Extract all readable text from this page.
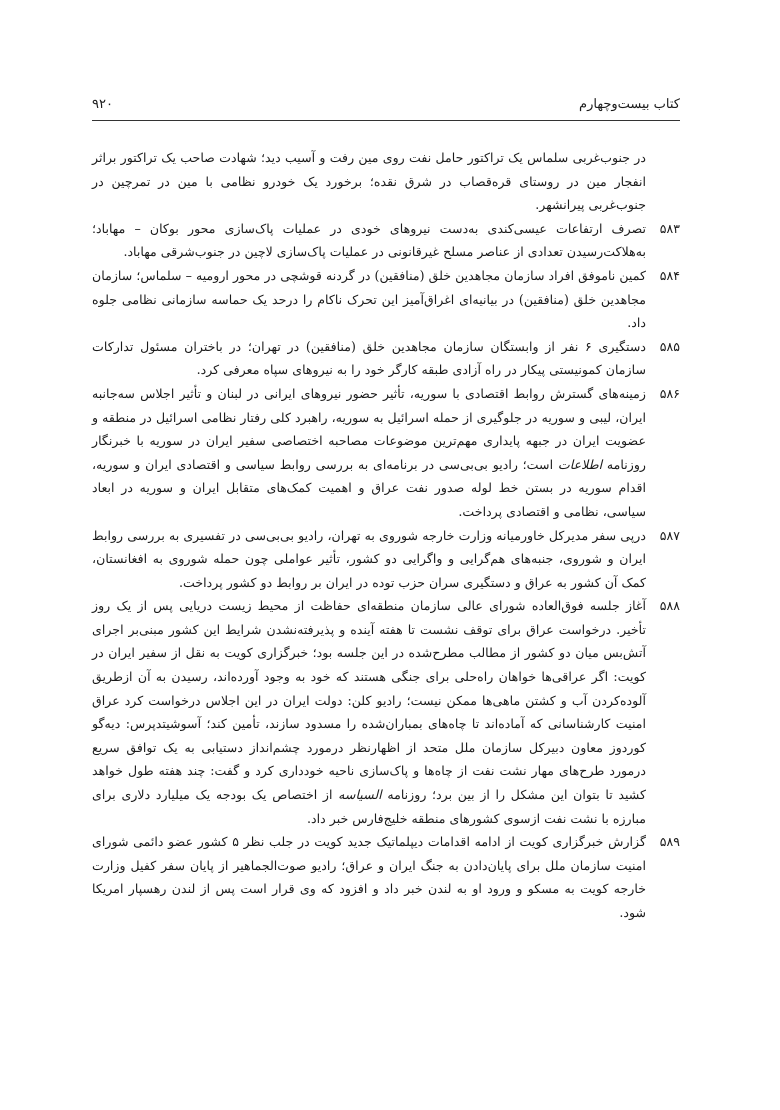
کتاب بیست‌وچهارم
۹۲۰
در جنوب‌غربی سلماس یک تراکتور حامل نفت روی مین رفت و آسیب دید؛ شهادت صاحب یک تراکتور براثر انفجار مین در روستای قره‌قصاب در شرق نقده؛ برخورد یک خودرو نظامی با مین در تمرچین در جنوب‌غربی پیرانشهر.
۵۸۳
تصرف ارتفاعات عیسی‌کندی به‌دست نیروهای خودی در عملیات پاک‌سازی محور بوکان – مهاباد؛ به‌هلاکت‌رسیدن تعدادی از عناصر مسلح غیرقانونی در عملیات پاک‌سازی لاچین در جنوب‌شرقی مهاباد.
۵۸۴
کمین ناموفق افراد سازمان مجاهدین خلق (منافقین) در گردنه قوشچی در محور ارومیه – سلماس؛ سازمان مجاهدین خلق (منافقین) در بیانیه‌ای اغراق‌آمیز این تحرک ناکام را درحد یک حماسه سازمانی نظامی جلوه داد.
۵۸۵
دستگیری ۶ نفر از وابستگان سازمان مجاهدین خلق (منافقین) در تهران؛ در باختران مسئول تدارکات سازمان کمونیستی پیکار در راه آزادی طبقه کارگر خود را به نیروهای سپاه معرفی کرد.
۵۸۶
زمینه‌های گسترش روابط اقتصادی با سوریه، تأثیر حضور نیروهای ایرانی در لبنان و تأثیر اجلاس سه‌جانبه ایران، لیبی و سوریه در جلوگیری از حمله اسرائیل به سوریه، راهبرد کلی رفتار نظامی اسرائیل در منطقه و عضویت ایران در جبهه پایداری مهم‌ترین موضوعات مصاحبه اختصاصی سفیر ایران در سوریه با خبرنگار روزنامه اطلاعات است؛ رادیو بی‌بی‌سی در برنامه‌ای به بررسی روابط سیاسی و اقتصادی ایران و سوریه، اقدام سوریه در بستن خط لوله صدور نفت عراق و اهمیت کمک‌های متقابل ایران و سوریه در ابعاد سیاسی، نظامی و اقتصادی پرداخت.
۵۸۷
درپی سفر مدیرکل خاورمیانه وزارت خارجه شوروی به تهران، رادیو بی‌بی‌سی در تفسیری به بررسی روابط ایران و شوروی، جنبه‌های هم‌گرایی و واگرایی دو کشور، تأثیر عواملی چون حمله شوروی به افغانستان، کمک آن کشور به عراق و دستگیری سران حزب توده در ایران بر روابط دو کشور پرداخت.
۵۸۸
آغاز جلسه فوق‌العاده شورای عالی سازمان منطقه‌ای حفاظت از محیط زیست دریایی پس از یک روز تأخیر. درخواست عراق برای توقف نشست تا هفته آینده و پذیرفته‌نشدن شرایط این کشور مبنی‌بر اجرای آتش‌بس میان دو کشور از مطالب مطرح‌شده در این جلسه بود؛ خبرگزاری کویت به نقل از سفیر ایران در کویت: اگر عراقی‌ها خواهان راه‌حلی برای جنگی هستند که خود به وجود آورده‌اند، رسیدن به آن ازطریق آلوده‌کردن آب و کشتن ماهی‌ها ممکن نیست؛ رادیو کلن: دولت ایران در این اجلاس درخواست کرد عراق امنیت کارشناسانی که آماده‌اند تا چاه‌های بمباران‌شده را مسدود سازند، تأمین کند؛ آسوشیتدپرس: دیه‌گو کوردوز معاون دبیرکل سازمان ملل متحد از اظهارنظر درمورد چشم‌انداز دستیابی به یک توافق سریع درمورد طرح‌های مهار نشت نفت از چاه‌ها و پاک‌سازی ناحیه خودداری کرد و گفت: چند هفته طول خواهد کشید تا بتوان این مشکل را از بین برد؛ روزنامه السیاسه از اختصاص یک بودجه یک میلیارد دلاری برای مبارزه با نشت نفت ازسوی کشورهای منطقه خلیج‌فارس خبر داد.
۵۸۹
گزارش خبرگزاری کویت از ادامه اقدامات دیپلماتیک جدید کویت در جلب نظر ۵ کشور عضو دائمی شورای امنیت سازمان ملل برای پایان‌دادن به جنگ ایران و عراق؛ رادیو صوت‌الجماهیر از پایان سفر کفیل وزارت خارجه کویت به مسکو و ورود او به لندن خبر داد و افزود که وی قرار است پس از لندن رهسپار امریکا شود.
